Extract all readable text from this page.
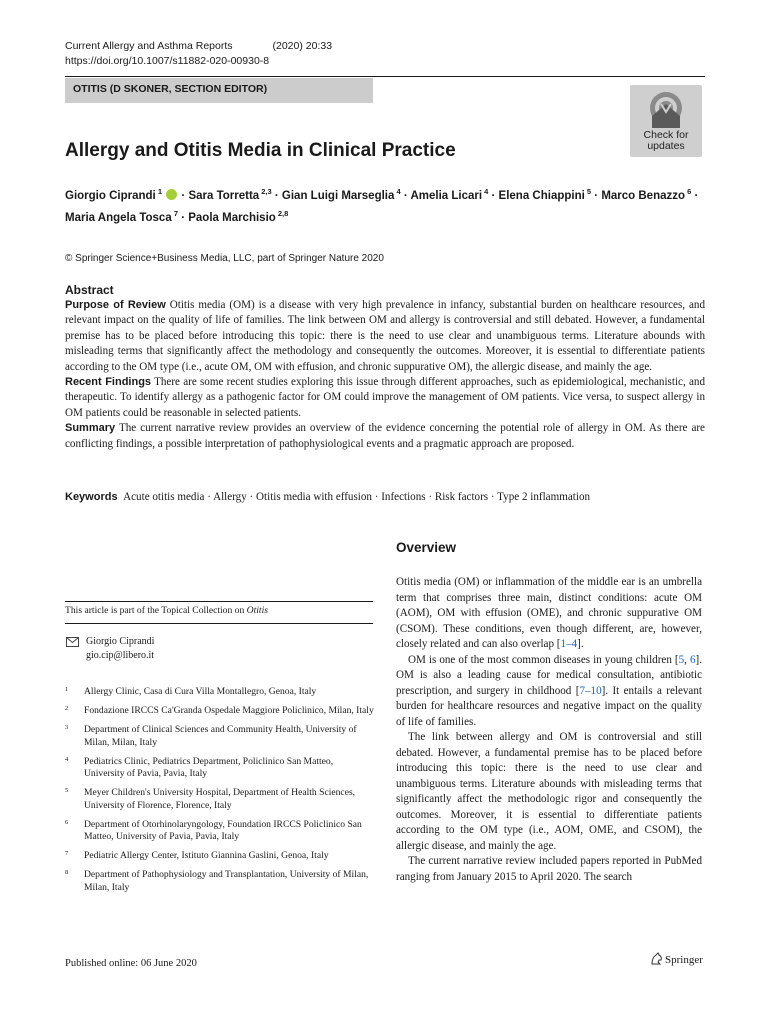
Current Allergy and Asthma Reports	(2020) 20:33
https://doi.org/10.1007/s11882-020-00930-8
OTITIS (D SKONER, SECTION EDITOR)
Check for
updates
Allergy and Otitis Media in Clinical Practice
Giorgio Ciprandi $^1$  · Sara Torretta $^{2,3}$ · Gian Luigi Marseglia $^4$ · Amelia Licari $^4$ · Elena Chiappini $^5$ · Marco Benazzo $^6$ · Maria Angela Tosca $^7$ · Paola Marchisio $^{2,8}$
© Springer Science+Business Media, LLC, part of Springer Nature 2020
Abstract

Purpose of Review Otitis media (OM) is a disease with very high prevalence in infancy, substantial burden on healthcare resources, and relevant impact on the quality of life of families. The link between OM and allergy is controversial and still debated. However, a fundamental premise has to be placed before introducing this topic: there is the need to use clear and unambiguous terms. Literature abounds with misleading terms that significantly affect the methodology and consequently the outcomes. Moreover, it is essential to differentiate patients according to the OM type (i.e., acute OM, OM with effusion, and chronic suppurative OM), the allergic disease, and mainly the age.

Recent Findings There are some recent studies exploring this issue through different approaches, such as epidemiological, mechanistic, and therapeutic. To identify allergy as a pathogenic factor for OM could improve the management of OM patients. Vice versa, to suspect allergy in OM patients could be reasonable in selected patients.

Summary The current narrative review provides an overview of the evidence concerning the potential role of allergy in OM. As there are conflicting findings, a possible interpretation of pathophysiological events and a pragmatic approach are proposed.

Keywords Acute otitis media · Allergy · Otitis media with effusion · Infections · Risk factors · Type 2 inflammation
This article is part of the Topical Collection on Otitis
Giorgio Ciprandi
gio.cip@libero.it
1 Allergy Clinic, Casa di Cura Villa Montallegro, Genoa, Italy
2 Fondazione IRCCS Ca'Granda Ospedale Maggiore Policlinico, Milan, Italy
3 Department of Clinical Sciences and Community Health, University of Milan, Milan, Italy
4 Pediatrics Clinic, Pediatrics Department, Policlinico San Matteo, University of Pavia, Pavia, Italy
5 Meyer Children's University Hospital, Department of Health Sciences, University of Florence, Florence, Italy
6 Department of Otorhinolaryngology, Foundation IRCCS Policlinico San Matteo, University of Pavia, Pavia, Italy
7 Pediatric Allergy Center, Istituto Giannina Gaslini, Genoa, Italy
8 Department of Pathophysiology and Transplantation, University of Milan, Milan, Italy
Overview

Otitis media (OM) or inflammation of the middle ear is an umbrella term that comprises three main, distinct conditions: acute OM (AOM), OM with effusion (OME), and chronic suppurative OM (CSOM). These conditions, even though different, are, however, closely related and can also overlap [1–4].

OM is one of the most common diseases in young children [5, 6]. OM is also a leading cause for medical consultation, antibiotic prescription, and surgery in childhood [7–10]. It entails a relevant burden for healthcare resources and negative impact on the quality of life of families.

The link between allergy and OM is controversial and still debated. However, a fundamental premise has to be placed before introducing this topic: there is the need to use clear and unambiguous terms. Literature abounds with misleading terms that significantly affect the methodologic rigor and consequently the outcomes. Moreover, it is essential to differentiate patients according to the OM type (i.e., AOM, OME, and CSOM), the allergic disease, and mainly the age.

The current narrative review included papers reported in PubMed ranging from January 2015 to April 2020. The search

Published online: 06 June 2020	Springer
